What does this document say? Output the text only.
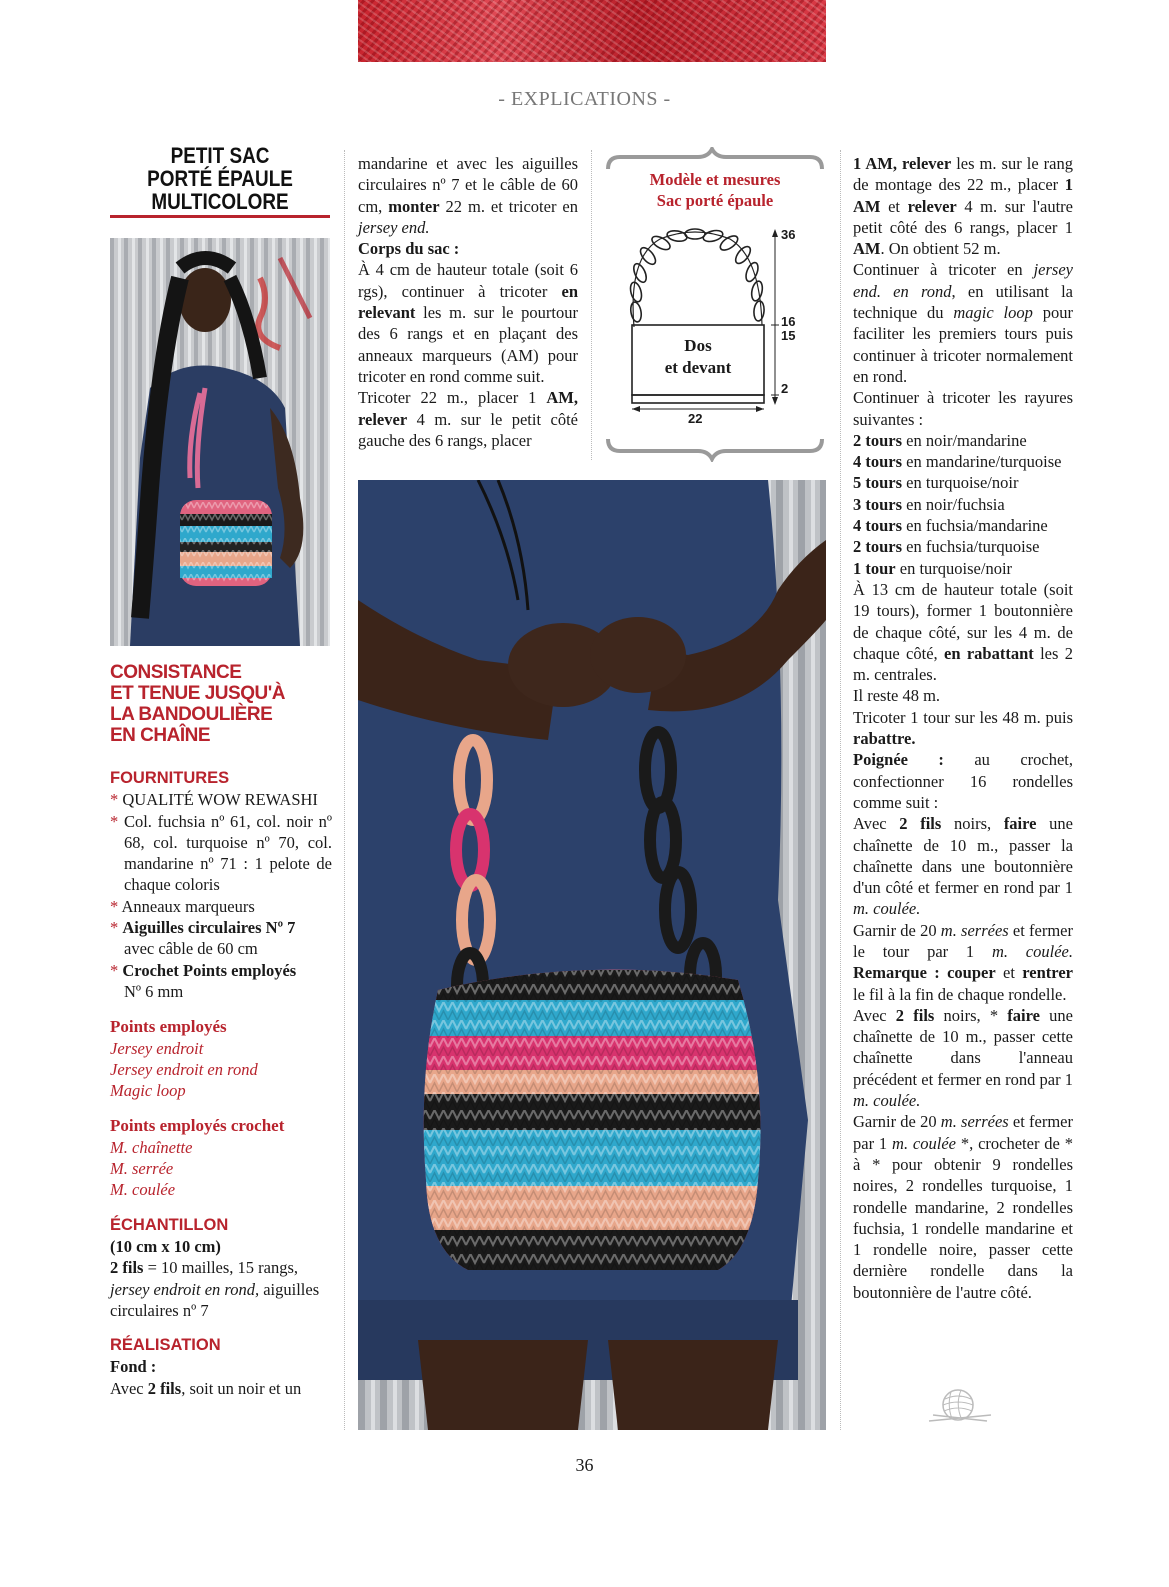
- EXPLICATIONS -
PETIT SAC
PORTÉ ÉPAULE
MULTICOLORE
CONSISTANCE
ET TENUE JUSQU'À
LA BANDOULIÈRE
EN CHAÎNE
FOURNITURES
* QUALITÉ WOW REWASHI
* Col. fuchsia nº 61, col. noir nº 68, col. turquoise nº 70, col. mandarine nº 71 : 1 pelote de chaque coloris
* Anneaux marqueurs
* Aiguilles circulaires Nº 7
avec câble de 60 cm
* Crochet Points employés
Nº 6 mm
Points employés
Jersey endroit
Jersey endroit en rond
Magic loop
Points employés crochet
M. chaînette
M. serrée
M. coulée
ÉCHANTILLON
(10 cm x 10 cm)
2 fils = 10 mailles, 15 rangs, jersey endroit en rond, aiguilles circulaires nº 7
RÉALISATION
Fond :
Avec 2 fils, soit un noir et un

mandarine et avec les aiguilles circulaires nº 7 et le câble de 60 cm, monter 22 m. et tricoter en jersey end.

Corps du sac :

À 4 cm de hauteur totale (soit 6 rgs), continuer à tricoter en relevant les m. sur le pourtour des 6 rangs et en plaçant des anneaux marqueurs (AM) pour tricoter en rond comme suit.

Tricoter 22 m., placer 1 AM, relever 4 m. sur le petit côté gauche des 6 rangs, placer

Modèle et mesures
Sac porté épaule
Dos
et devant
36
16
15
2
22

1 AM, relever les m. sur le rang de montage des 22 m., placer 1 AM et relever 4 m. sur l'autre petit côté des 6 rangs, placer 1 AM. On obtient 52 m.

Continuer à tricoter en jersey end. en rond, en utilisant la technique du magic loop pour faciliter les premiers tours puis continuer à tricoter normalement en rond.

Continuer à tricoter les rayures suivantes :

2 tours en noir/mandarine

4 tours en mandarine/turquoise

5 tours en turquoise/noir

3 tours en noir/fuchsia

4 tours en fuchsia/mandarine

2 tours en fuchsia/turquoise

1 tour en turquoise/noir

À 13 cm de hauteur totale (soit 19 tours), former 1 boutonnière de chaque côté, sur les 4 m. de chaque côté, en rabattant les 2 m. centrales.

Il reste 48 m.

Tricoter 1 tour sur les 48 m. puis rabattre.

Poignée : au crochet, confectionner 16 rondelles comme suit :

Avec 2 fils noirs, faire une chaînette de 10 m., passer la chaînette dans une boutonnière d'un côté et fermer en rond par 1 m. coulée.

Garnir de 20 m. serrées et fermer le tour par 1 m. coulée. Remarque : couper et rentrer le fil à la fin de chaque rondelle.

Avec 2 fils noirs, * faire une chaînette de 10 m., passer cette chaînette dans l'anneau précédent et fermer en rond par 1 m. coulée.

Garnir de 20 m. serrées et fermer par 1 m. coulée *, crocheter de * à * pour obtenir 9 rondelles noires, 2 rondelles turquoise, 1 rondelle mandarine, 2 rondelles fuchsia, 1 rondelle mandarine et 1 rondelle noire, passer cette dernière rondelle dans la boutonnière de l'autre côté.

36
